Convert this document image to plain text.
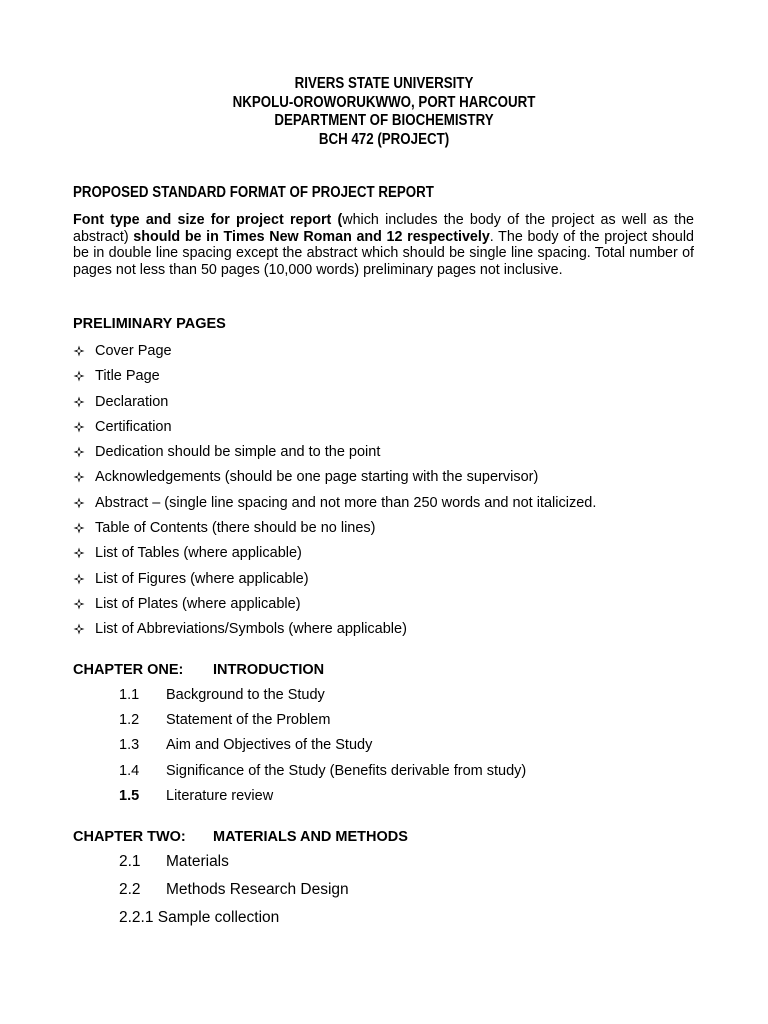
RIVERS STATE UNIVERSITY
NKPOLU-OROWORUKWWO, PORT HARCOURT
DEPARTMENT OF BIOCHEMISTRY
BCH 472 (PROJECT)
PROPOSED STANDARD FORMAT OF PROJECT REPORT
Font type and size for project report (which includes the body of the project as well as the abstract) should be in Times New Roman and 12 respectively. The body of the project should be in double line spacing except the abstract which should be single line spacing. Total number of pages not less than 50 pages (10,000 words) preliminary pages not inclusive.
PRELIMINARY PAGES
Cover Page
Title Page
Declaration
Certification
Dedication should be simple and to the point
Acknowledgements (should be one page starting with the supervisor)
Abstract – (single line spacing and not more than 250 words and not italicized.
Table of Contents (there should be no lines)
List of Tables (where applicable)
List of Figures (where applicable)
List of Plates (where applicable)
List of Abbreviations/Symbols (where applicable)
CHAPTER ONE: INTRODUCTION
1.1 Background to the Study
1.2 Statement of the Problem
1.3 Aim and Objectives of the Study
1.4 Significance of the Study (Benefits derivable from study)
1.5 Literature review
CHAPTER TWO: MATERIALS AND METHODS
2.1 Materials
2.2 Methods Research Design
2.2.1 Sample collection
